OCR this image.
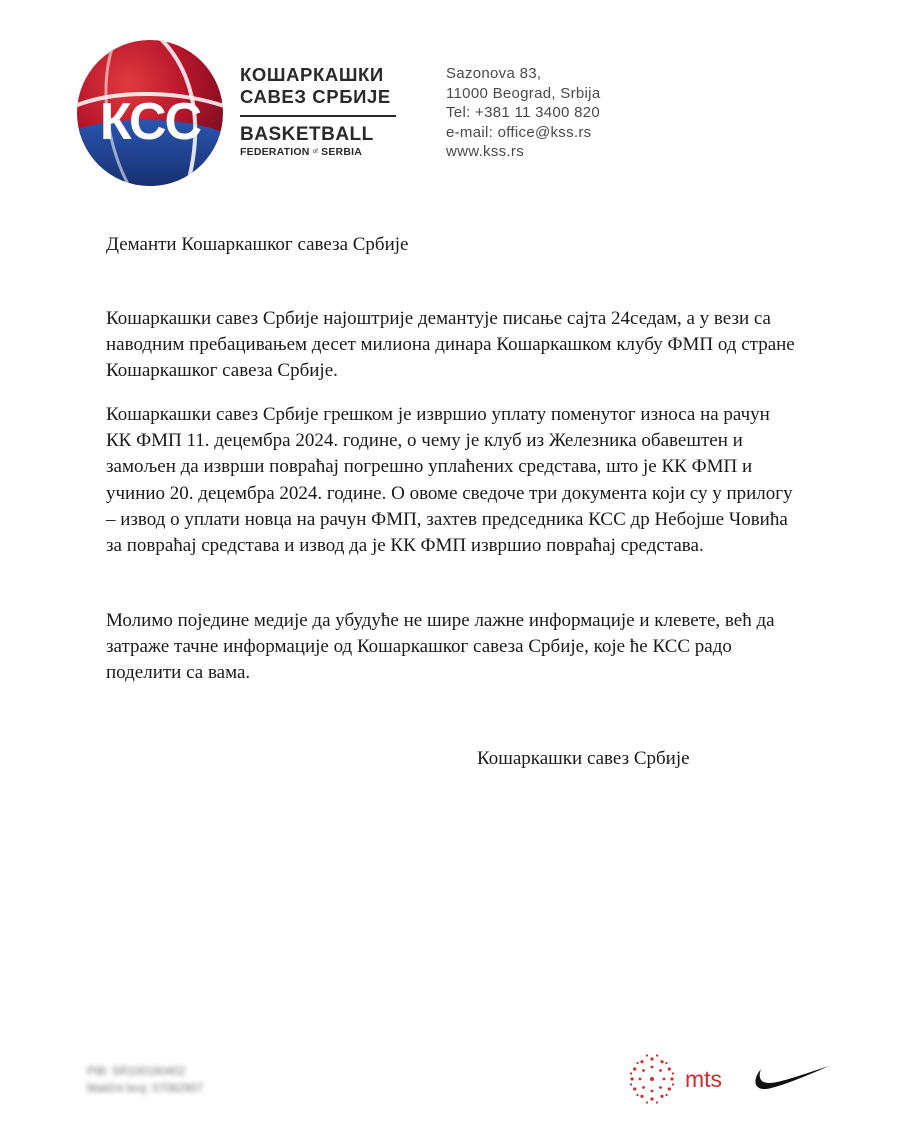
КСС
КОШАРКАШКИ
САВЕЗ СРБИЈЕ
BASKETBALL
FEDERATION of SERBIA
Sazonova 83,
11000 Beograd, Srbija
Tel: +381 11 3400 820
e-mail: office@kss.rs
www.kss.rs
Деманти Кошаркашког савеза Србије
Кошаркашки савез Србије најоштрије демантује писање сајта 24седам, а у вези са наводним пребацивањем десет милиона динара Кошаркашком клубу ФМП од стране Кошаркашког савеза Србије.
Кошаркашки савез Србије грешком је извршио уплату поменутог износа на рачун КК ФМП 11. децембра 2024. године, о чему је клуб из Железника обавештен и замољен да изврши повраћај погрешно уплаћених средстава, што је КК ФМП и учинио 20. децембра 2024. године. О овоме сведоче три документа који су у прилогу – извод о уплати новца на рачун ФМП, захтев председника КСС др Небојше Човића за повраћај средстава и извод да је КК ФМП извршио повраћај средстава.
Молимо поједине медије да убудуће не шире лажне информације и клевете, већ да затраже тачне информације од Кошаркашког савеза Србије, које ће КСС радо поделити са вама.
Кошаркашки савез Србије
PIB: SR100160402
Matični broj: 07062907	mts
